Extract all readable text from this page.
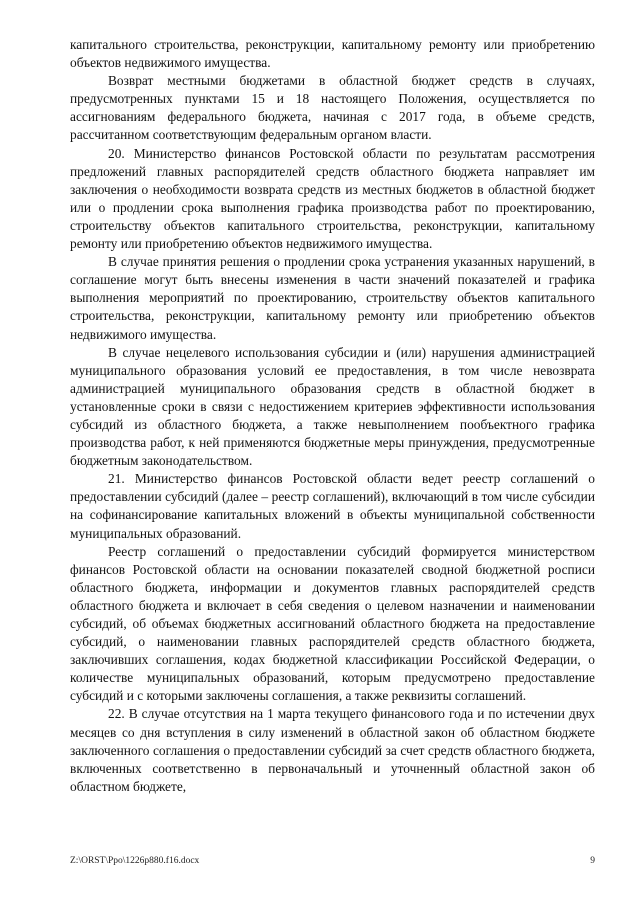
капитального строительства, реконструкции, капитальному ремонту или приобретению объектов недвижимого имущества.

Возврат местными бюджетами в областной бюджет средств в случаях, предусмотренных пунктами 15 и 18 настоящего Положения, осуществляется по ассигнованиям федерального бюджета, начиная с 2017 года, в объеме средств, рассчитанном соответствующим федеральным органом власти.

20. Министерство финансов Ростовской области по результатам рассмотрения предложений главных распорядителей средств областного бюджета направляет им заключения о необходимости возврата средств из местных бюджетов в областной бюджет или о продлении срока выполнения графика производства работ по проектированию, строительству объектов капитального строительства, реконструкции, капитальному ремонту или приобретению объектов недвижимого имущества.

В случае принятия решения о продлении срока устранения указанных нарушений, в соглашение могут быть внесены изменения в части значений показателей и графика выполнения мероприятий по проектированию, строительству объектов капитального строительства, реконструкции, капитальному ремонту или приобретению объектов недвижимого имущества.

В случае нецелевого использования субсидии и (или) нарушения администрацией муниципального образования условий ее предоставления, в том числе невозврата администрацией муниципального образования средств в областной бюджет в установленные сроки в связи с недостижением критериев эффективности использования субсидий из областного бюджета, а также невыполнением пообъектного графика производства работ, к ней применяются бюджетные меры принуждения, предусмотренные бюджетным законодательством.

21. Министерство финансов Ростовской области ведет реестр соглашений о предоставлении субсидий (далее – реестр соглашений), включающий в том числе субсидии на софинансирование капитальных вложений в объекты муниципальной собственности муниципальных образований.

Реестр соглашений о предоставлении субсидий формируется министерством финансов Ростовской области на основании показателей сводной бюджетной росписи областного бюджета, информации и документов главных распорядителей средств областного бюджета и включает в себя сведения о целевом назначении и наименовании субсидий, об объемах бюджетных ассигнований областного бюджета на предоставление субсидий, о наименовании главных распорядителей средств областного бюджета, заключивших соглашения, кодах бюджетной классификации Российской Федерации, о количестве муниципальных образований, которым предусмотрено предоставление субсидий и с которыми заключены соглашения, а также реквизиты соглашений.

22. В случае отсутствия на 1 марта текущего финансового года и по истечении двух месяцев со дня вступления в силу изменений в областной закон об областном бюджете заключенного соглашения о предоставлении субсидий за счет средств областного бюджета, включенных соответственно в первоначальный и уточненный областной закон об областном бюджете,

Z:\ORST\Ppo\1226p880.f16.docx	9
